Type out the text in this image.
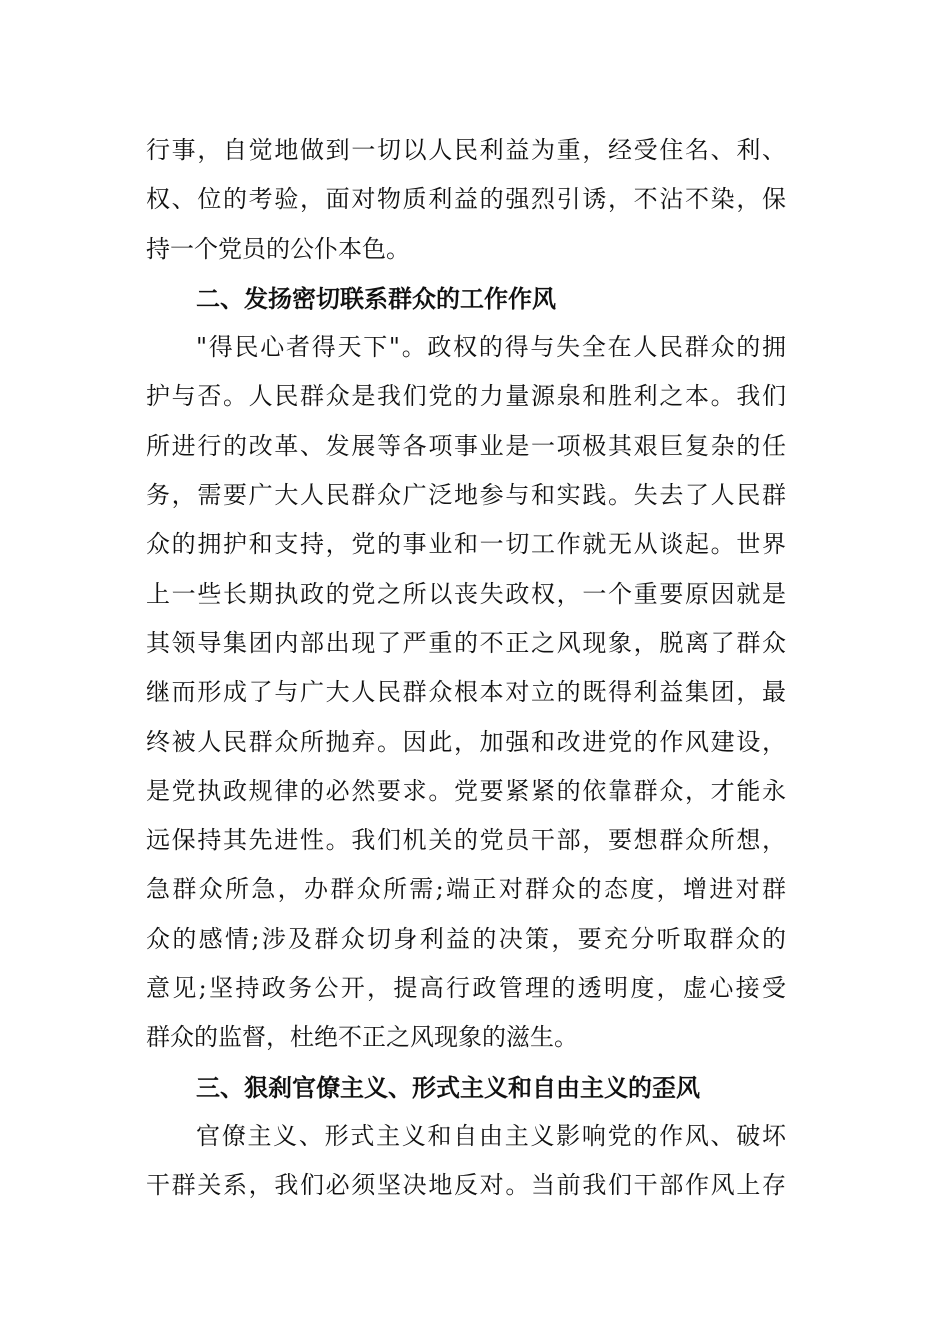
行事，自觉地做到一切以人民利益为重，经受住名、利、
权、位的考验，面对物质利益的强烈引诱，不沾不染，保
持一个党员的公仆本色。
二、发扬密切联系群众的工作作风
"得民心者得天下"。政权的得与失全在人民群众的拥
护与否。人民群众是我们党的力量源泉和胜利之本。我们
所进行的改革、发展等各项事业是一项极其艰巨复杂的任
务，需要广大人民群众广泛地参与和实践。失去了人民群
众的拥护和支持，党的事业和一切工作就无从谈起。世界
上一些长期执政的党之所以丧失政权，一个重要原因就是
其领导集团内部出现了严重的不正之风现象，脱离了群众
继而形成了与广大人民群众根本对立的既得利益集团，最
终被人民群众所抛弃。因此，加强和改进党的作风建设，
是党执政规律的必然要求。党要紧紧的依靠群众，才能永
远保持其先进性。我们机关的党员干部，要想群众所想，
急群众所急，办群众所需;端正对群众的态度，增进对群
众的感情;涉及群众切身利益的决策，要充分听取群众的
意见;坚持政务公开，提高行政管理的透明度，虚心接受
群众的监督，杜绝不正之风现象的滋生。
三、狠刹官僚主义、形式主义和自由主义的歪风
官僚主义、形式主义和自由主义影响党的作风、破坏
干群关系，我们必须坚决地反对。当前我们干部作风上存
